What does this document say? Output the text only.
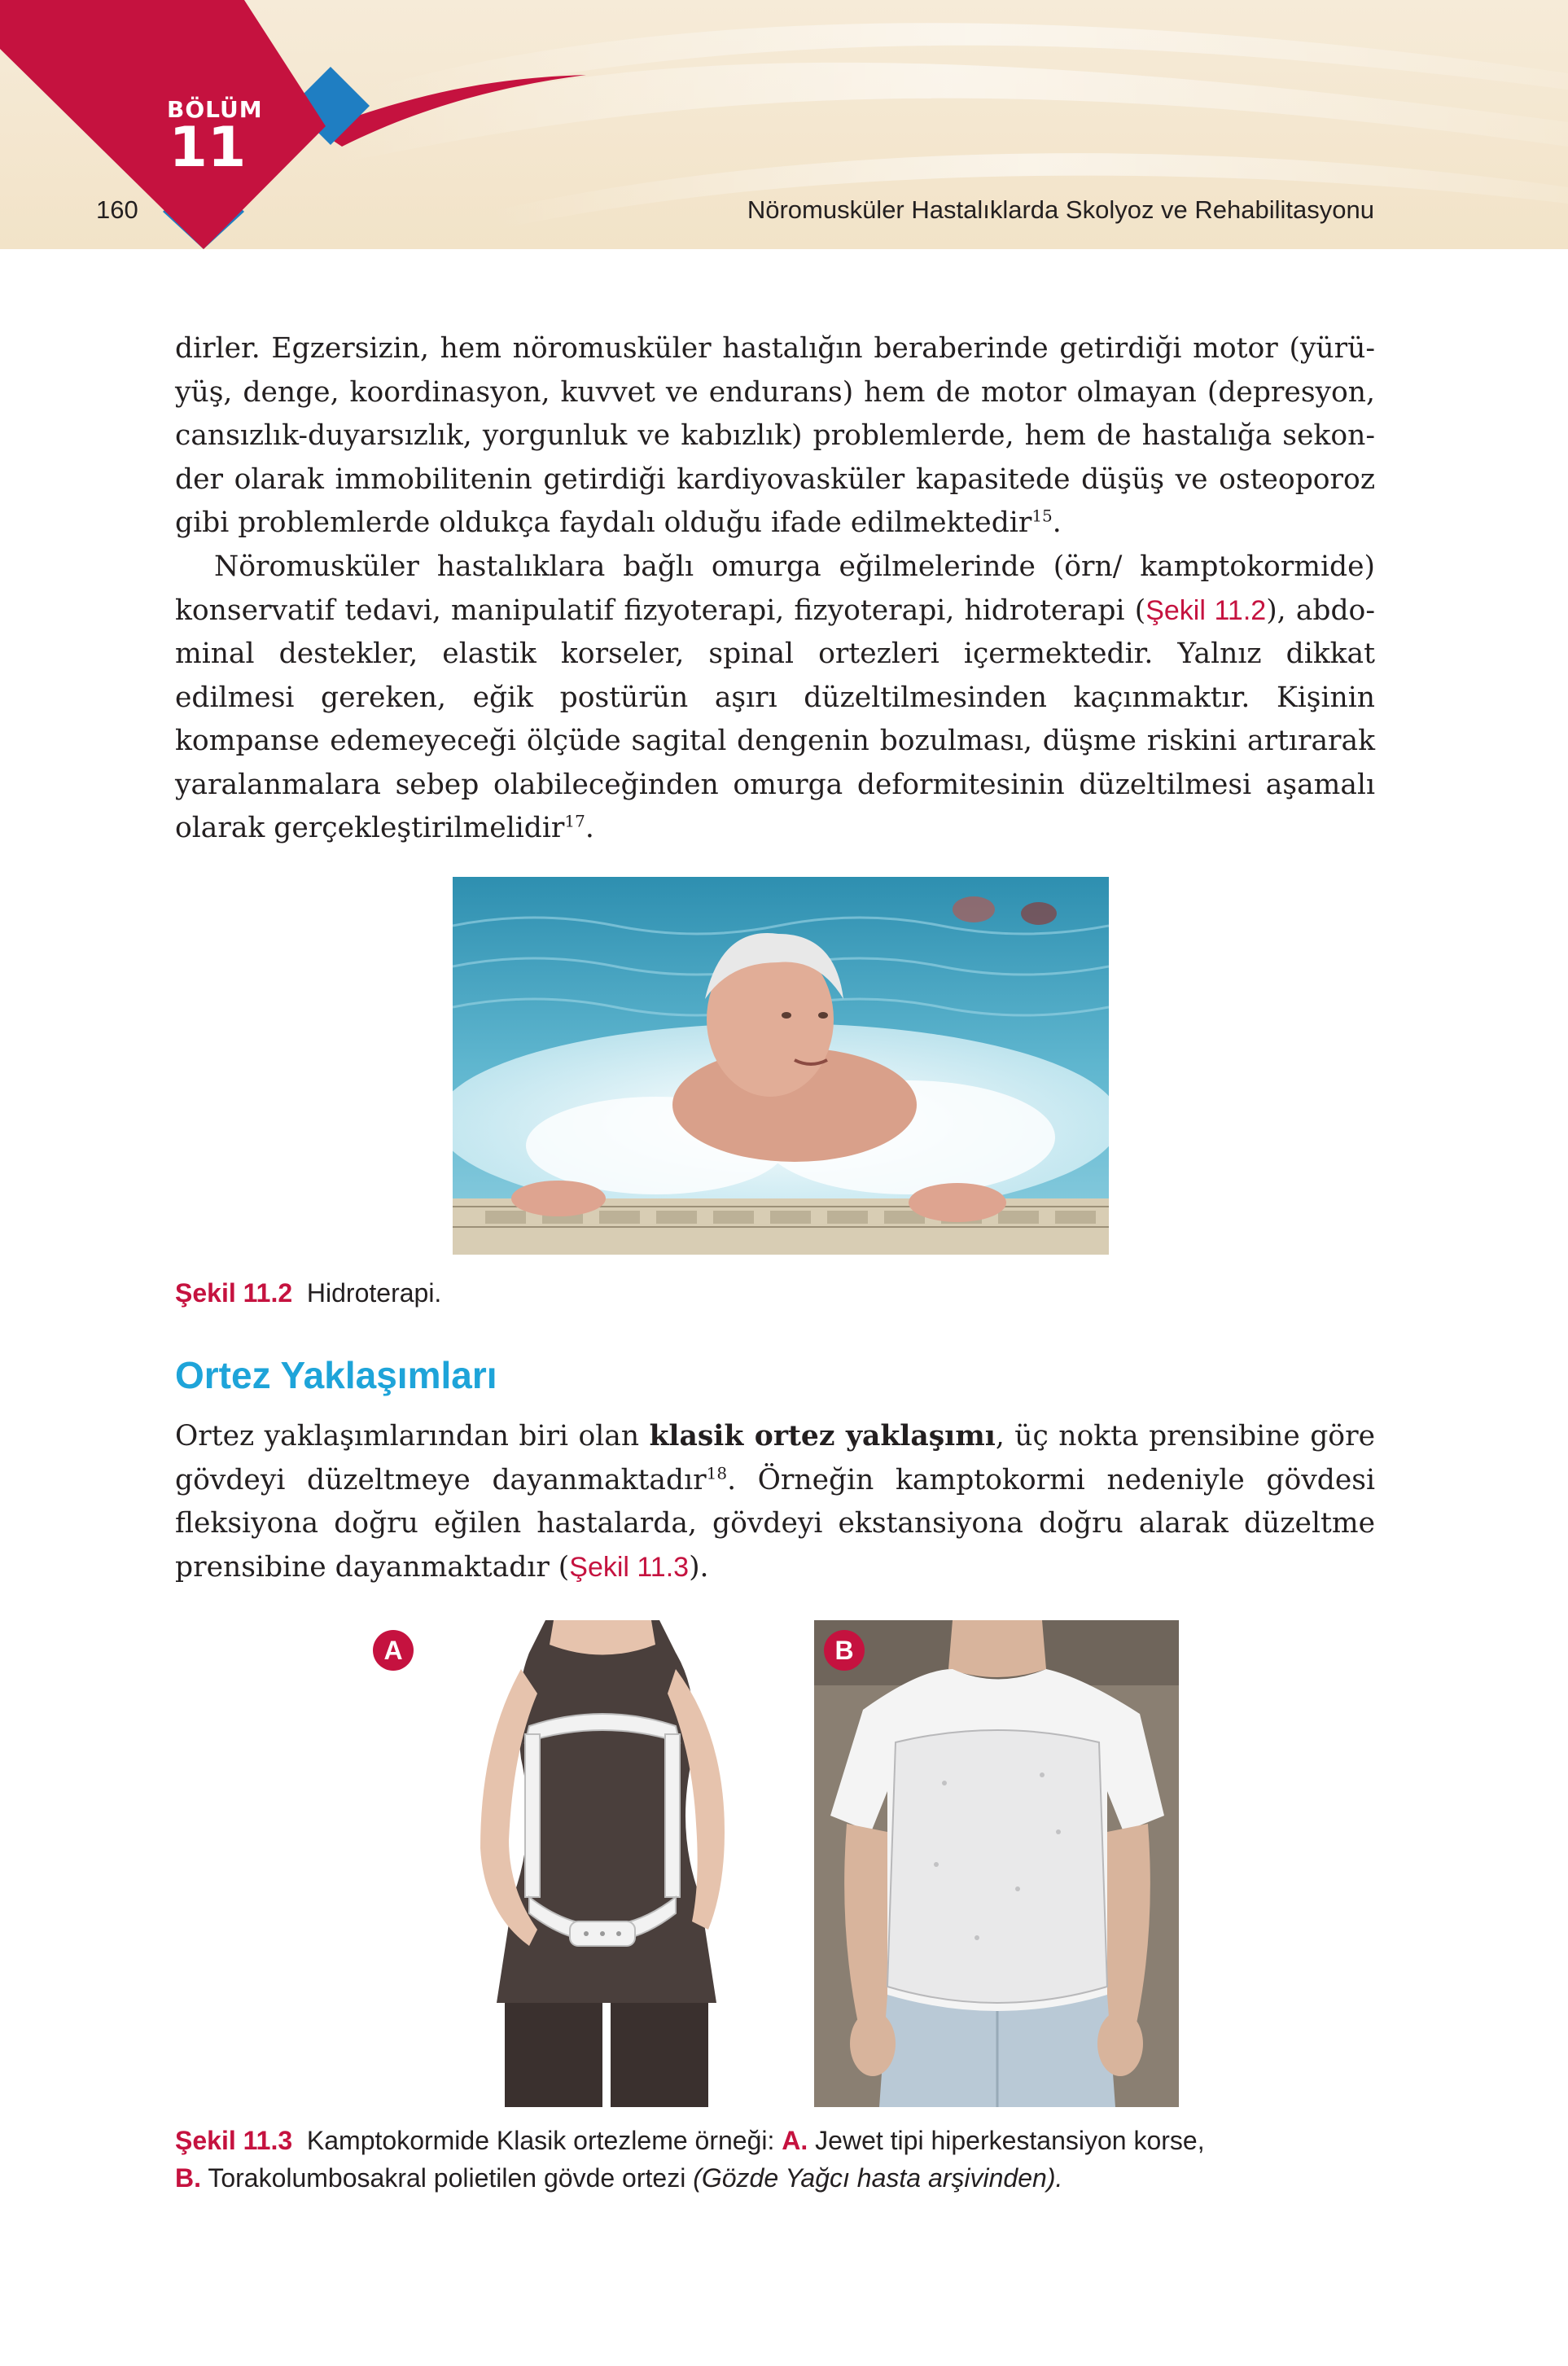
BÖLÜM
11
160	Nöromusküler Hastalıklarda Skolyoz ve Rehabilitasyonu

dirler. Egzersizin, hem nöromusküler hastalığın beraberinde getirdiği motor (yürüyüş, denge, koordinasyon, kuvvet ve endurans) hem de motor olmayan (depresyon, cansızlık-duyarsızlık, yorgunluk ve kabızlık) problemlerde, hem de hastalığa sekonder olarak immobilitenin getirdiği kardiyovasküler kapasitede düşüş ve osteoporoz gibi problemlerde oldukça faydalı olduğu ifade edilmektedir$^{15}$.

Nöromusküler hastalıklara bağlı omurga eğilmelerinde (örn/ kamptokormide) konservatif tedavi, manipulatif fizyoterapi, fizyoterapi, hidroterapi (Şekil 11.2), abdominal destekler, elastik korseler, spinal ortezleri içermektedir. Yalnız dikkat edilmesi gereken, eğik postürün aşırı düzeltilmesinden kaçınmaktır. Kişinin kompanse edemeyeceği ölçüde sagital dengenin bozulması, düşme riskini artırarak yaralanmalara sebep olabileceğinden omurga deformitesinin düzeltilmesi aşamalı olarak gerçekleştirilmelidir$^{17}$.

Şekil 11.2 Hidroterapi.
Ortez Yaklaşımları

Ortez yaklaşımlarından biri olan klasik ortez yaklaşımı, üç nokta prensibine göre gövdeyi düzeltmeye dayanmaktadır$^{18}$. Örneğin kamptokormi nedeniyle gövdesi fleksiyona doğru eğilen hastalarda, gövdeyi ekstansiyona doğru alarak düzeltme prensibine dayanmaktadır (Şekil 11.3).

A	B
Şekil 11.3 Kamptokormide Klasik ortezleme örneği: A. Jewet tipi hiperkestansiyon korse,
B. Torakolumbosakral polietilen gövde ortezi (Gözde Yağcı hasta arşivinden).
